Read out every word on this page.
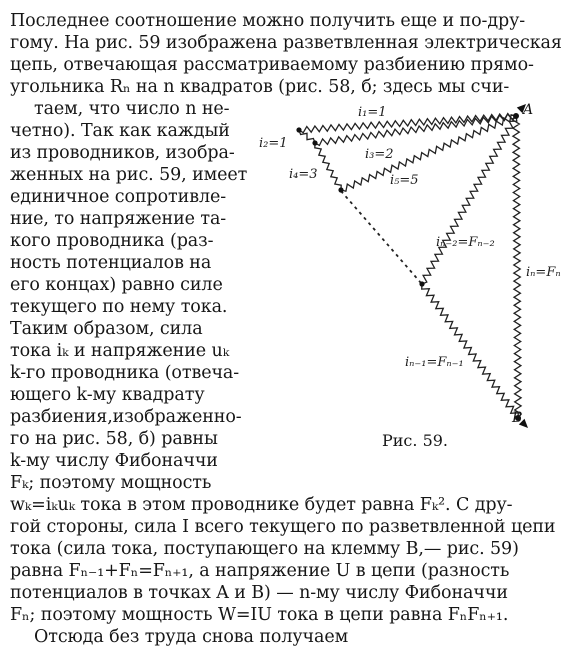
Последнее соотношение можно получить еще и по-дру-
гому. На рис. 59 изображена разветвленная электрическая
цепь, отвечающая рассматриваемому разбиению прямо-
угольника Rₙ на n квадратов (рис. 58, б; здесь мы счи-
таем, что число n не-
четно). Так как каждый
из проводников, изобра-
женных на рис. 59, имеет
единичное сопротивле-
ние, то напряжение та-
кого проводника (раз-
ность потенциалов на
его концах) равно силе
текущего по нему тока.
Таким образом, сила
тока iₖ и напряжение uₖ
k-го проводника (отвеча-
ющего k-му квадрату
разбиения,изображенно-
го на рис. 58, б) равны
k-му числу Фибоначчи
Fₖ; поэтому мощность
wₖ=iₖuₖ тока в этом проводнике будет равна Fₖ². С дру-
гой стороны, сила I всего текущего по разветвленной цепи
тока (сила тока, поступающего на клемму B,— рис. 59)
равна Fₙ₋₁+Fₙ=Fₙ₊₁, а напряжение U в цепи (разность
потенциалов в точках A и B) — n-му числу Фибоначчи
Fₙ; поэтому мощность W=IU тока в цепи равна FₙFₙ₊₁.
Отсюда без труда снова получаем
A
B
i₁=1
i₂=1
i₃=2
i₄=3	i₅=5
iₙ₋₂=Fₙ₋₂
iₙ=Fₙ
iₙ₋₁=Fₙ₋₁
Рис. 59.
